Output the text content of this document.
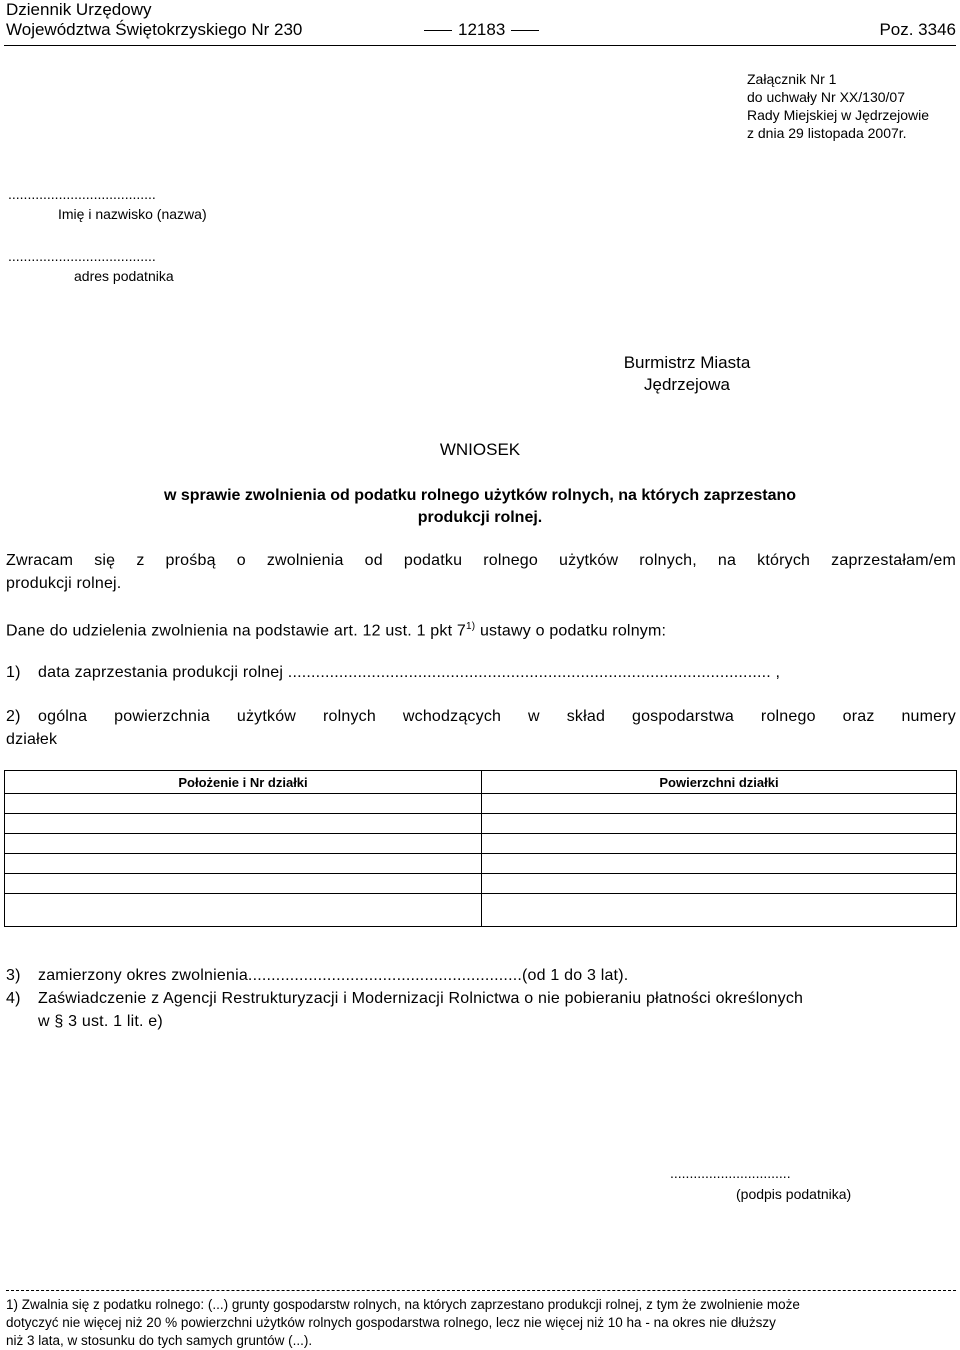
Dziennik Urzędowy
Województwa Świętokrzyskiego Nr 230	12183	Poz. 3346
Załącznik Nr 1
do uchwały Nr XX/130/07
Rady Miejskiej w Jędrzejowie
z dnia 29 listopada 2007r.
......................................
Imię i nazwisko (nazwa)
......................................
adres podatnika
Burmistrz Miasta
Jędrzejowa
WNIOSEK
w sprawie zwolnienia od podatku rolnego użytków rolnych, na których zaprzestano
produkcji rolnej.
Zwracam się z prośbą o zwolnienia od podatku rolnego użytków rolnych, na których zaprzestałam/em
produkcji rolnej.
Dane do udzielenia zwolnienia na podstawie art. 12 ust. 1 pkt 7$^{1)}$ ustawy o podatku rolnym:
1) data zaprzestania produkcji rolnej ........................................................................................................ ,
2)	ogólna powierzchnia użytków rolnych wchodzących w skład gospodarstwa rolnego oraz numery
działek
Położenie i Nr działki	Powierzchni działki

3) zamierzony okres zwolnienia...........................................................(od 1 do 3 lat).
4)	Zaświadczenie z Agencji Restrukturyzacji i Modernizacji Rolnictwa o nie pobieraniu płatności określonych
w § 3 ust. 1 lit. e)
...............................
(podpis podatnika)
1) Zwalnia się z podatku rolnego: (...) grunty gospodarstw rolnych, na których zaprzestano produkcji rolnej, z tym że zwolnienie może
dotyczyć nie więcej niż 20 % powierzchni użytków rolnych gospodarstwa rolnego, lecz nie więcej niż 10 ha - na okres nie dłuższy
niż 3 lata, w stosunku do tych samych gruntów (...).
